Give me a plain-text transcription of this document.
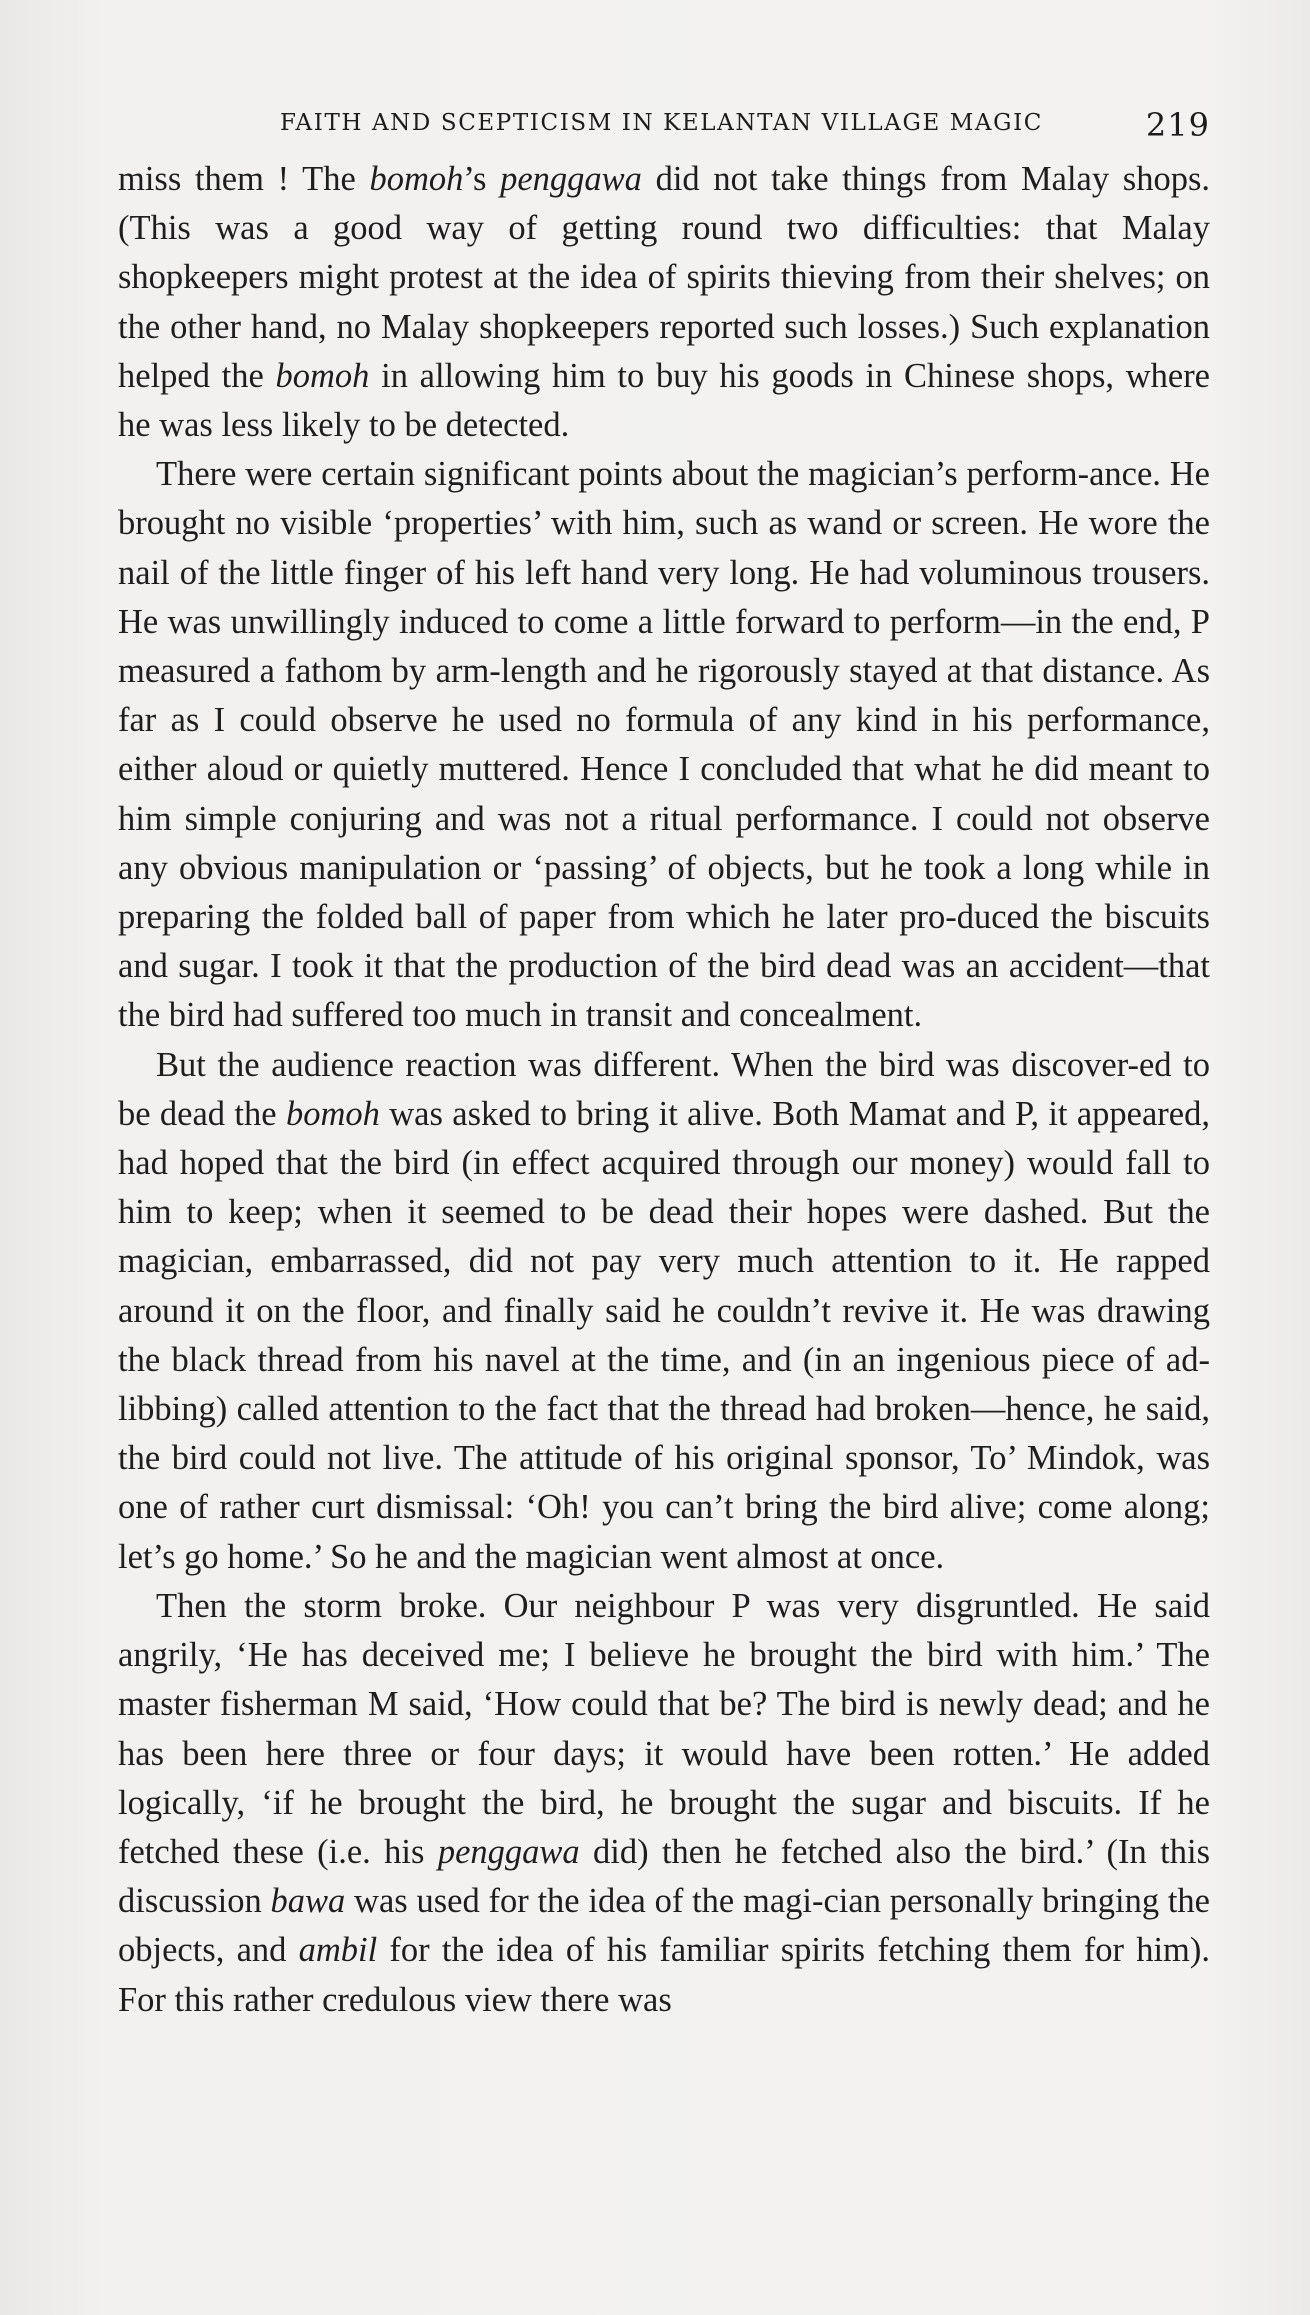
FAITH AND SCEPTICISM IN KELANTAN VILLAGE MAGIC	219

miss them ! The bomoh’s penggawa did not take things from Malay shops. (This was a good way of getting round two difficulties: that Malay shopkeepers might protest at the idea of spirits thieving from their shelves; on the other hand, no Malay shopkeepers reported such losses.) Such explanation helped the bomoh in allowing him to buy his goods in Chinese shops, where he was less likely to be detected.

There were certain significant points about the magician’s perform-ance. He brought no visible ‘properties’ with him, such as wand or screen. He wore the nail of the little finger of his left hand very long. He had voluminous trousers. He was unwillingly induced to come a little forward to perform—in the end, P measured a fathom by arm-length and he rigorously stayed at that distance. As far as I could observe he used no formula of any kind in his performance, either aloud or quietly muttered. Hence I concluded that what he did meant to him simple conjuring and was not a ritual performance. I could not observe any obvious manipulation or ‘passing’ of objects, but he took a long while in preparing the folded ball of paper from which he later pro-duced the biscuits and sugar. I took it that the production of the bird dead was an accident—that the bird had suffered too much in transit and concealment.

But the audience reaction was different. When the bird was discover-ed to be dead the bomoh was asked to bring it alive. Both Mamat and P, it appeared, had hoped that the bird (in effect acquired through our money) would fall to him to keep; when it seemed to be dead their hopes were dashed. But the magician, embarrassed, did not pay very much attention to it. He rapped around it on the floor, and finally said he couldn’t revive it. He was drawing the black thread from his navel at the time, and (in an ingenious piece of ad-libbing) called attention to the fact that the thread had broken—hence, he said, the bird could not live. The attitude of his original sponsor, To’ Mindok, was one of rather curt dismissal: ‘Oh! you can’t bring the bird alive; come along; let’s go home.’ So he and the magician went almost at once.

Then the storm broke. Our neighbour P was very disgruntled. He said angrily, ‘He has deceived me; I believe he brought the bird with him.’ The master fisherman M said, ‘How could that be? The bird is newly dead; and he has been here three or four days; it would have been rotten.’ He added logically, ‘if he brought the bird, he brought the sugar and biscuits. If he fetched these (i.e. his penggawa did) then he fetched also the bird.’ (In this discussion bawa was used for the idea of the magi-cian personally bringing the objects, and ambil for the idea of his familiar spirits fetching them for him). For this rather credulous view there was
